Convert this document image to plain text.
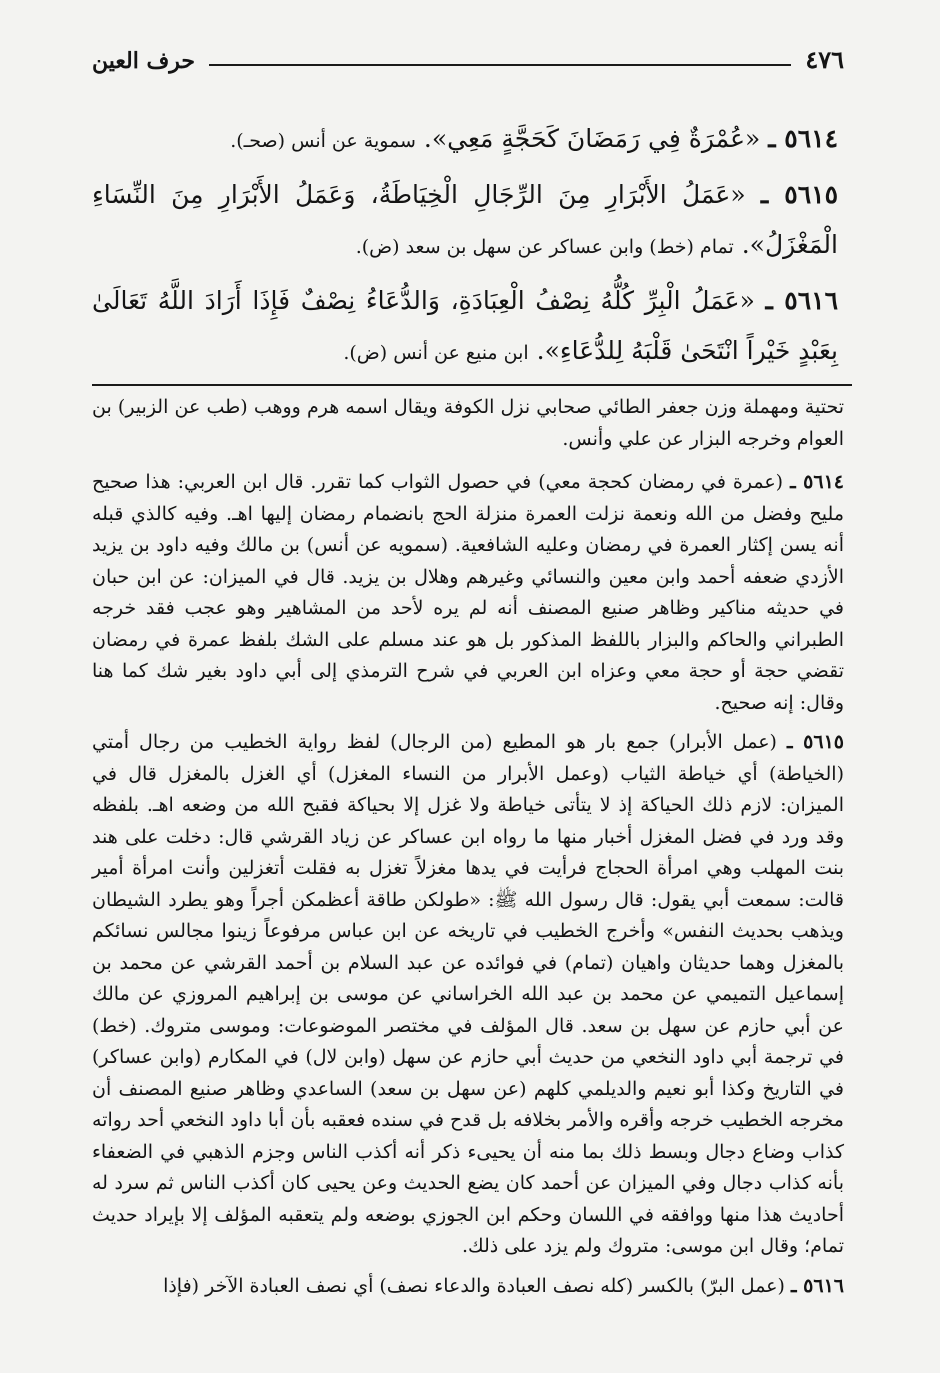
٤٧٦
حرف العين

٥٦١٤ ـ «عُمْرَةٌ فِي رَمَضَانَ كَحَجَّةٍ مَعِي». سموية عن أنس (صحـ).

٥٦١٥ ـ «عَمَلُ الأَبْرَارِ مِنَ الرِّجَالِ الْخِيَاطَةُ، وَعَمَلُ الأَبْرَارِ مِنَ النِّسَاءِ الْمَغْزَلُ». تمام (خط) وابن عساكر عن سهل بن سعد (ض).

٥٦١٦ ـ «عَمَلُ الْبِرِّ كُلُّهُ نِصْفُ الْعِبَادَةِ، وَالدُّعَاءُ نِصْفٌ فَإِذَا أَرَادَ اللَّهُ تَعَالَىٰ بِعَبْدٍ خَيْراً انْتَحَىٰ قَلْبَهُ لِلدُّعَاءِ». ابن منيع عن أنس (ض).

تحتية ومهملة وزن جعفر الطائي صحابي نزل الكوفة ويقال اسمه هرم ووهب (طب عن الزبير) بن العوام وخرجه البزار عن علي وأنس.

٥٦١٤ ـ (عمرة في رمضان كحجة معي) في حصول الثواب كما تقرر. قال ابن العربي: هذا صحيح مليح وفضل من الله ونعمة نزلت العمرة منزلة الحج بانضمام رمضان إليها اهـ. وفيه كالذي قبله أنه يسن إكثار العمرة في رمضان وعليه الشافعية. (سمويه عن أنس) بن مالك وفيه داود بن يزيد الأزدي ضعفه أحمد وابن معين والنسائي وغيرهم وهلال بن يزيد. قال في الميزان: عن ابن حبان في حديثه مناكير وظاهر صنيع المصنف أنه لم يره لأحد من المشاهير وهو عجب فقد خرجه الطبراني والحاكم والبزار باللفظ المذكور بل هو عند مسلم على الشك بلفظ عمرة في رمضان تقضي حجة أو حجة معي وعزاه ابن العربي في شرح الترمذي إلى أبي داود بغير شك كما هنا وقال: إنه صحيح.

٥٦١٥ ـ (عمل الأبرار) جمع بار هو المطيع (من الرجال) لفظ رواية الخطيب من رجال أمتي (الخياطة) أي خياطة الثياب (وعمل الأبرار من النساء المغزل) أي الغزل بالمغزل قال في الميزان: لازم ذلك الحياكة إذ لا يتأتى خياطة ولا غزل إلا بحياكة فقبح الله من وضعه اهـ. بلفظه وقد ورد في فضل المغزل أخبار منها ما رواه ابن عساكر عن زياد القرشي قال: دخلت على هند بنت المهلب وهي امرأة الحجاج فرأيت في يدها مغزلاً تغزل به فقلت أتغزلين وأنت امرأة أمير قالت: سمعت أبي يقول: قال رسول الله ﷺ: «طولكن طاقة أعظمكن أجراً وهو يطرد الشيطان ويذهب بحديث النفس» وأخرج الخطيب في تاريخه عن ابن عباس مرفوعاً زينوا مجالس نسائكم بالمغزل وهما حديثان واهيان (تمام) في فوائده عن عبد السلام بن أحمد القرشي عن محمد بن إسماعيل التميمي عن محمد بن عبد الله الخراساني عن موسى بن إبراهيم المروزي عن مالك عن أبي حازم عن سهل بن سعد. قال المؤلف في مختصر الموضوعات: وموسى متروك. (خط) في ترجمة أبي داود النخعي من حديث أبي حازم عن سهل (وابن لال) في المكارم (وابن عساكر) في التاريخ وكذا أبو نعيم والديلمي كلهم (عن سهل بن سعد) الساعدي وظاهر صنيع المصنف أن مخرجه الخطيب خرجه وأقره والأمر بخلافه بل قدح في سنده فعقبه بأن أبا داود النخعي أحد رواته كذاب وضاع دجال وبسط ذلك بما منه أن يحيىء ذكر أنه أكذب الناس وجزم الذهبي في الضعفاء بأنه كذاب دجال وفي الميزان عن أحمد كان يضع الحديث وعن يحيى كان أكذب الناس ثم سرد له أحاديث هذا منها ووافقه في اللسان وحكم ابن الجوزي بوضعه ولم يتعقبه المؤلف إلا بإيراد حديث تمام؛ وقال ابن موسى: متروك ولم يزد على ذلك.

٥٦١٦ ـ (عمل البرّ) بالكسر (كله نصف العبادة والدعاء نصف) أي نصف العبادة الآخر (فإذا
